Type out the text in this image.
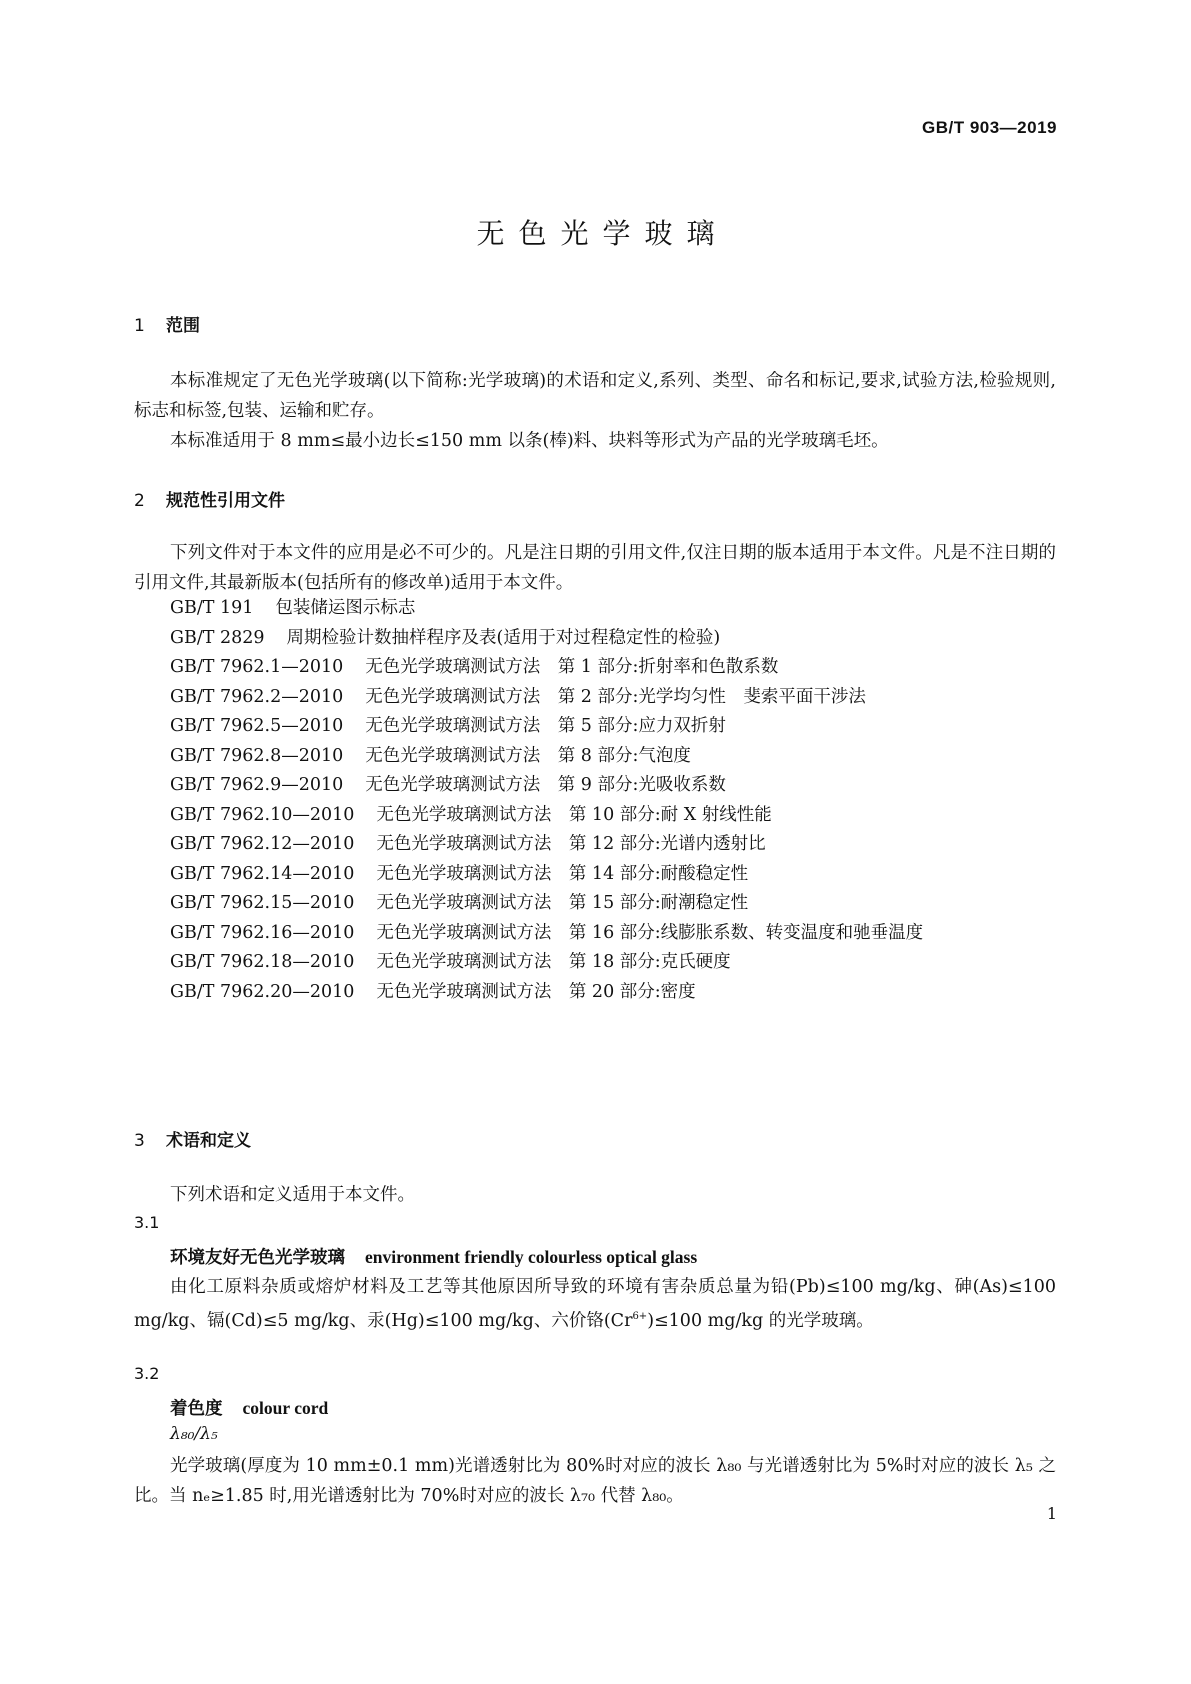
GB/T 903—2019
无色光学玻璃
1 范围

本标准规定了无色光学玻璃(以下简称:光学玻璃)的术语和定义,系列、类型、命名和标记,要求,试验方法,检验规则,标志和标签,包装、运输和贮存。

本标准适用于 8 mm≤最小边长≤150 mm 以条(棒)料、块料等形式为产品的光学玻璃毛坯。

2 规范性引用文件

下列文件对于本文件的应用是必不可少的。凡是注日期的引用文件,仅注日期的版本适用于本文件。凡是不注日期的引用文件,其最新版本(包括所有的修改单)适用于本文件。

GB/T 191 包装储运图示标志
GB/T 2829 周期检验计数抽样程序及表(适用于对过程稳定性的检验)
GB/T 7962.1—2010 无色光学玻璃测试方法　第 1 部分:折射率和色散系数
GB/T 7962.2—2010 无色光学玻璃测试方法　第 2 部分:光学均匀性　斐索平面干涉法
GB/T 7962.5—2010 无色光学玻璃测试方法　第 5 部分:应力双折射
GB/T 7962.8—2010 无色光学玻璃测试方法　第 8 部分:气泡度
GB/T 7962.9—2010 无色光学玻璃测试方法　第 9 部分:光吸收系数
GB/T 7962.10—2010 无色光学玻璃测试方法　第 10 部分:耐 X 射线性能
GB/T 7962.12—2010 无色光学玻璃测试方法　第 12 部分:光谱内透射比
GB/T 7962.14—2010 无色光学玻璃测试方法　第 14 部分:耐酸稳定性
GB/T 7962.15—2010 无色光学玻璃测试方法　第 15 部分:耐潮稳定性
GB/T 7962.16—2010 无色光学玻璃测试方法　第 16 部分:线膨胀系数、转变温度和驰垂温度
GB/T 7962.18—2010 无色光学玻璃测试方法　第 18 部分:克氏硬度
GB/T 7962.20—2010 无色光学玻璃测试方法　第 20 部分:密度
3 术语和定义

下列术语和定义适用于本文件。

3.1
环境友好无色光学玻璃 environment friendly colourless optical glass

由化工原料杂质或熔炉材料及工艺等其他原因所导致的环境有害杂质总量为铅(Pb)≤100 mg/kg、砷(As)≤100 mg/kg、镉(Cd)≤5 mg/kg、汞(Hg)≤100 mg/kg、六价铬$(Cr^{6+})\le 100$ mg/kg 的光学玻璃。

3.2
着色度 colour cord
λ₈₀/λ₅

光学玻璃(厚度为 10 mm±0.1 mm)光谱透射比为 80%时对应的波长 λ₈₀ 与光谱透射比为 5%时对应的波长 λ₅ 之比。当 nₑ≥1.85 时,用光谱透射比为 70%时对应的波长 λ₇₀ 代替 λ₈₀。

1
